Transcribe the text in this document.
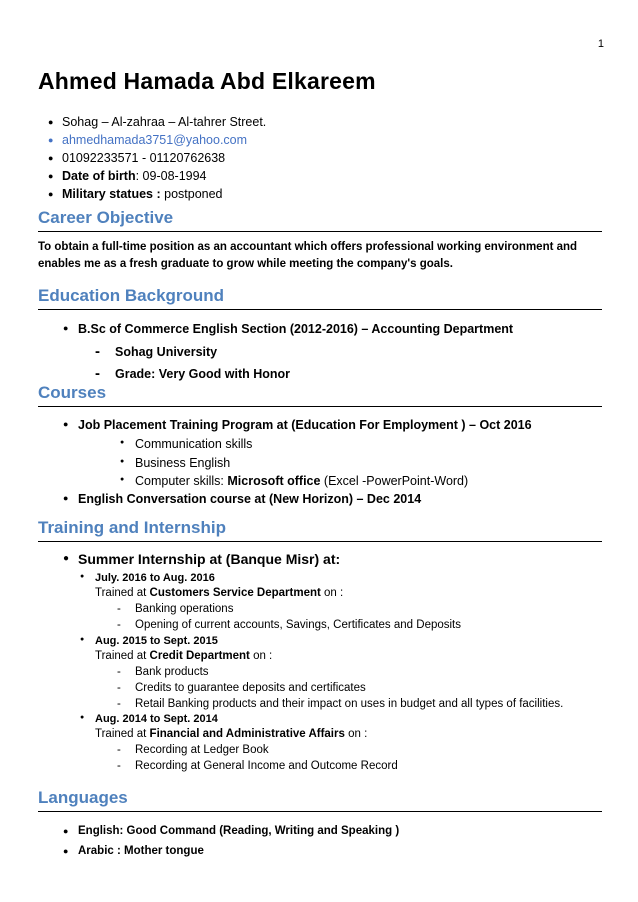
1
Ahmed Hamada Abd Elkareem
● Sohag – Al-zahraa – Al-tahrer Street.
● ahmedhamada3751@yahoo.com
● 01092233571 - 01120762638
● Date of birth: 09-08-1994
● Military statues : postponed
Career Objective

To obtain a full-time position as an accountant which offers professional working environment and enables me as a fresh graduate to grow while meeting the company's goals.

Education Background
● B.Sc of Commerce English Section (2012-2016) – Accounting Department
- Sohag University
- Grade: Very Good with Honor
Courses
● Job Placement Training Program at (Education For Employment ) – Oct 2016
● Communication skills
● Business English
● Computer skills: Microsoft office (Excel -PowerPoint-Word)
● English Conversation course at (New Horizon) – Dec 2014
Training and Internship
● Summer Internship at (Banque Misr) at:
● July. 2016 to Aug. 2016
Trained at Customers Service Department on :
- Banking operations
- Opening of current accounts, Savings, Certificates and Deposits
● Aug. 2015 to Sept. 2015
Trained at Credit Department on :
- Bank products
- Credits to guarantee deposits and certificates
- Retail Banking products and their impact on uses in budget and all types of facilities.
● Aug. 2014 to Sept. 2014
Trained at Financial and Administrative Affairs on :
- Recording at Ledger Book
- Recording at General Income and Outcome Record
Languages
● English: Good Command (Reading, Writing and Speaking )
● Arabic : Mother tongue
